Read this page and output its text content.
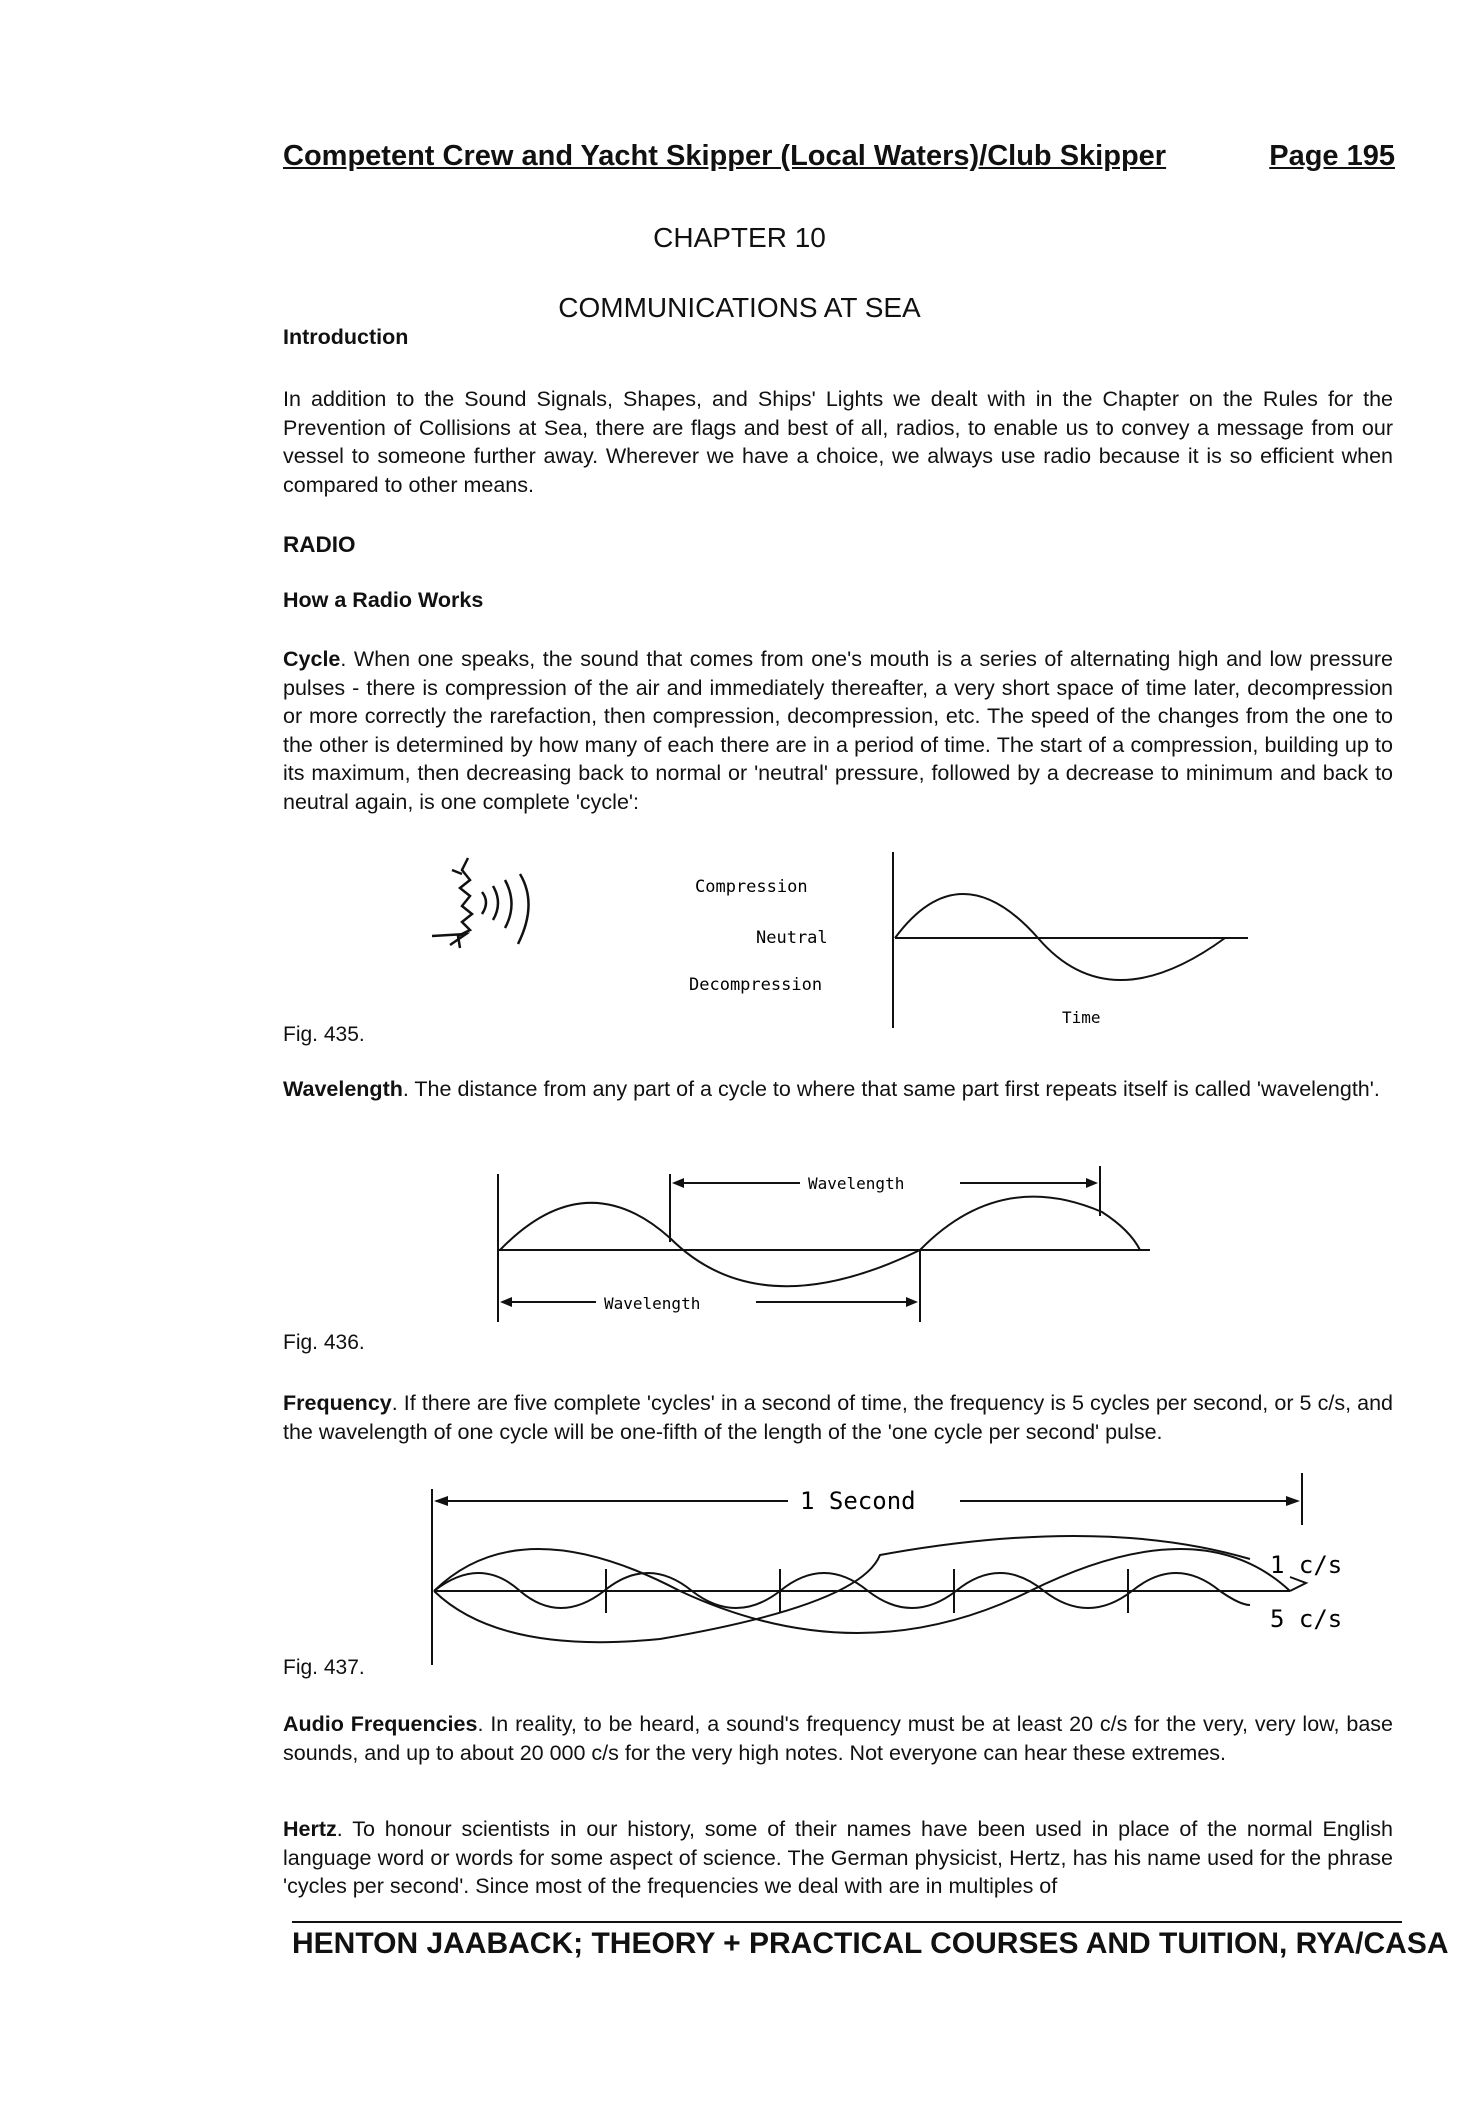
Competent Crew and Yacht Skipper (Local Waters)/Club Skipper	Page 195
CHAPTER 10
COMMUNICATIONS AT SEA
Introduction
In addition to the Sound Signals, Shapes, and Ships' Lights we dealt with in the Chapter on the Rules for the Prevention of Collisions at Sea, there are flags and best of all, radios, to enable us to convey a message from our vessel to someone further away. Wherever we have a choice, we always use radio because it is so efficient when compared to other means.
RADIO
How a Radio Works
Cycle. When one speaks, the sound that comes from one's mouth is a series of alternating high and low pressure pulses - there is compression of the air and immediately thereafter, a very short space of time later, decompression or more correctly the rarefaction, then compression, decompression, etc. The speed of the changes from the one to the other is determined by how many of each there are in a period of time. The start of a compression, building up to its maximum, then decreasing back to normal or 'neutral' pressure, followed by a decrease to minimum and back to neutral again, is one complete 'cycle':
Compression
Neutral
Decompression
Time
Fig. 435.
Wavelength. The distance from any part of a cycle to where that same part first repeats itself is called 'wavelength'.
Wavelength
Wavelength
Fig. 436.
Frequency. If there are five complete 'cycles' in a second of time, the frequency is 5 cycles per second, or 5 c/s, and the wavelength of one cycle will be one-fifth of the length of the 'one cycle per second' pulse.
1 Second
1 c/s
5 c/s
Fig. 437.
Audio Frequencies. In reality, to be heard, a sound's frequency must be at least 20 c/s for the very, very low, base sounds, and up to about 20 000 c/s for the very high notes. Not everyone can hear these extremes.
Hertz. To honour scientists in our history, some of their names have been used in place of the normal English language word or words for some aspect of science. The German physicist, Hertz, has his name used for the phrase 'cycles per second'. Since most of the frequencies we deal with are in multiples of
HENTON JAABACK; THEORY + PRACTICAL COURSES AND TUITION, RYA/CASA
